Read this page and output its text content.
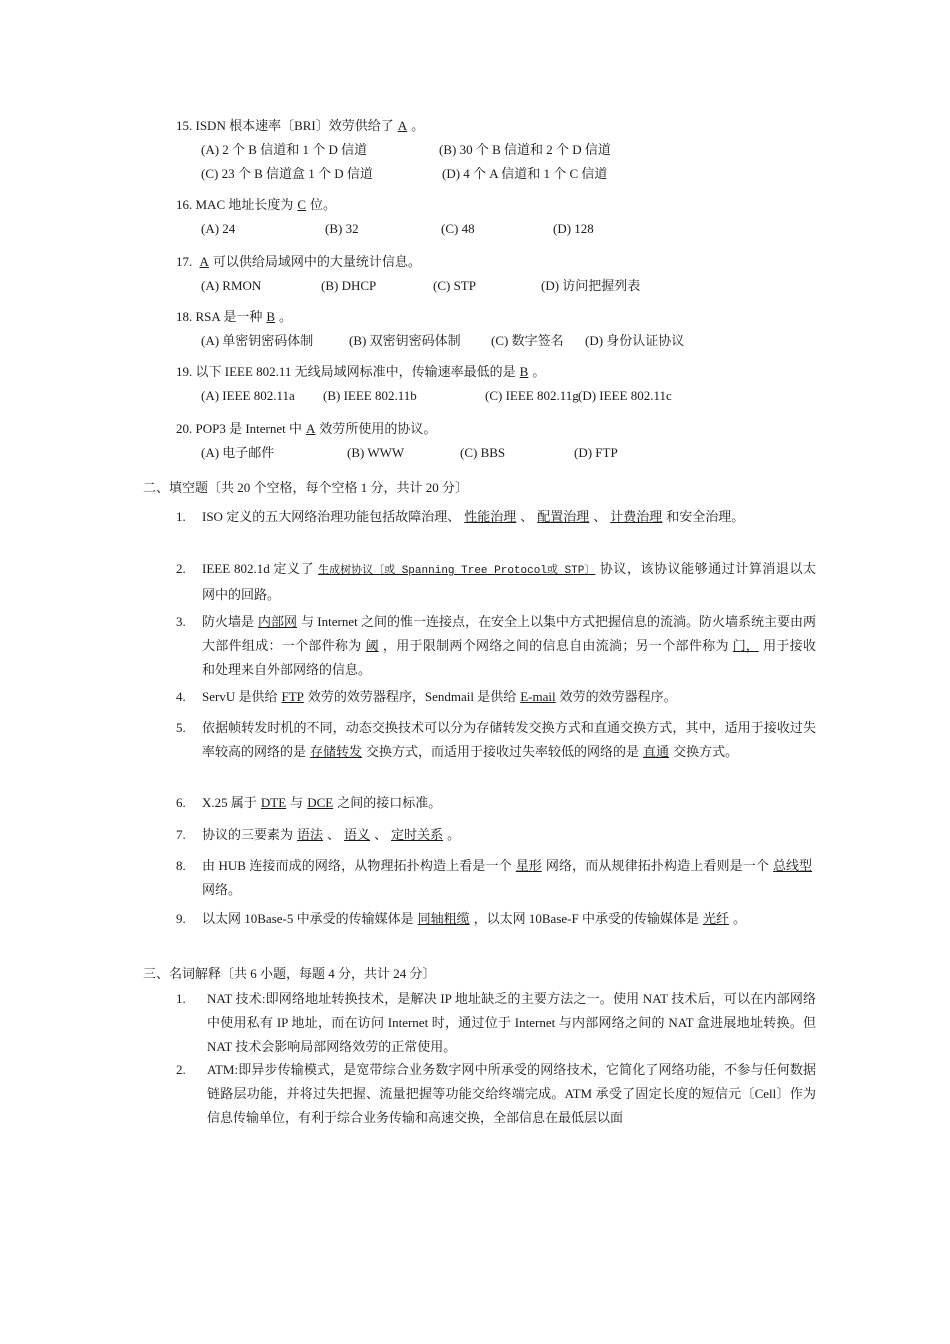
15. ISDN 根本速率〔BRI〕效劳供给了 A 。
(A) 2 个 B 信道和 1 个 D 信道	(B) 30 个 B 信道和 2 个 D 信道
(C) 23 个 B 信道盒 1 个 D 信道	(D) 4 个 A 信道和 1 个 C 信道
16. MAC 地址长度为 C 位。
(A) 24	(B) 32	(C) 48	(D) 128
17. A 可以供给局域网中的大量统计信息。
(A) RMON	(B) DHCP	(C) STP	(D) 访问把握列表
18. RSA 是一种 B 。
(A) 单密钥密码体制	(B) 双密钥密码体制 (C) 数字签名 (D) 身份认证协议
19. 以下 IEEE 802.11 无线局域网标准中，传输速率最低的是 B 。
(A) IEEE 802.11a (B) IEEE 802.11b	(C) IEEE 802.11g (D) IEEE 802.11c
20. POP3 是 Internet 中 A 效劳所使用的协议。
(A) 电子邮件	(B) WWW	(C) BBS	(D) FTP
二、填空题〔共 20 个空格，每个空格 1 分，共计 20 分〕
1. ISO 定义的五大网络治理功能包括故障治理、 性能治理 、 配置治理 、 计费治理 和安全治理。
2. IEEE 802.1d 定义了 生成树协议〔或 Spanning Tree Protocol或 STP〕 协议，该协议能够通过计算消退以太网中的回路。
3. 防火墙是 内部网 与 Internet 之间的惟一连接点，在安全上以集中方式把握信息的流淌。防火墙系统主要由两大部件组成：一个部件称为 阈 ，用于限制两个网络之间的信息自由流淌；另一个部件称为 门， 用于接收和处理来自外部网络的信息。
4. ServU 是供给 FTP 效劳的效劳器程序，Sendmail 是供给 E-mail 效劳的效劳器程序。
5. 依据帧转发时机的不同，动态交换技术可以分为存储转发交换方式和直通交换方式，其中，适用于接收过失率较高的网络的是 存储转发 交换方式，而适用于接收过失率较低的网络的是 直通 交换方式。
6. X.25 属于 DTE 与 DCE 之间的接口标准。
7. 协议的三要素为 语法 、 语义 、 定时关系 。
8. 由 HUB 连接而成的网络，从物理拓扑构造上看是一个 星形 网络，而从规律拓扑构造上看则是一个 总线型网络。
9. 以太网 10Base-5 中承受的传输媒体是 同轴粗缆 ，以太网 10Base-F 中承受的传输媒体是 光纤 。
三、名词解释〔共 6 小题，每题 4 分，共计 24 分〕
1. NAT 技术:即网络地址转换技术，是解决 IP 地址缺乏的主要方法之一。使用 NAT 技术后，可以在内部网络中使用私有 IP 地址，而在访问 Internet 时，通过位于 Internet 与内部网络之间的 NAT 盒进展地址转换。但 NAT 技术会影响局部网络效劳的正常使用。
2. ATM:即异步传输模式，是宽带综合业务数字网中所承受的网络技术，它简化了网络功能，不参与任何数据链路层功能，并将过失把握、流量把握等功能交给终端完成。ATM 承受了固定长度的短信元〔Cell〕作为信息传输单位，有利于综合业务传输和高速交换，全部信息在最低层以面
